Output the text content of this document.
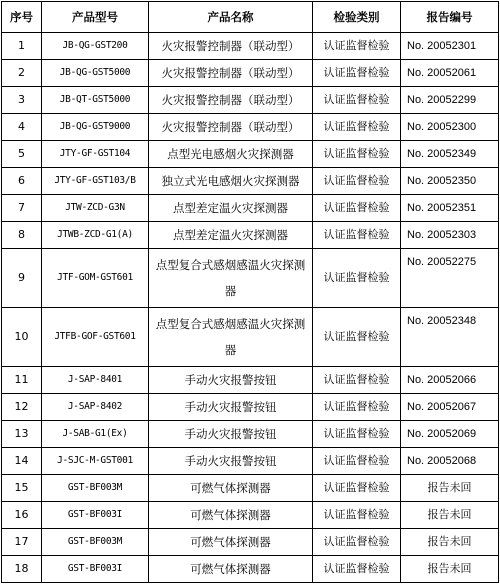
序号	产品型号	产品名称	检验类别	报告编号
1	JB-QG-GST200	火灾报警控制器（联动型）	认证监督检验	No. 20052301
2	JB-QG-GST5000	火灾报警控制器（联动型）	认证监督检验	No. 20052061
3	JB-QT-GST5000	火灾报警控制器（联动型）	认证监督检验	No. 20052299
4	JB-QG-GST9000	火灾报警控制器（联动型）	认证监督检验	No. 20052300
5	JTY-GF-GST104	点型光电感烟火灾探测器	认证监督检验	No. 20052349
6	JTY-GF-GST103/B	独立式光电感烟火灾探测器	认证监督检验	No. 20052350
7	JTW-ZCD-G3N	点型差定温火灾探测器	认证监督检验	No. 20052351
8	JTWB-ZCD-G1(A)	点型差定温火灾探测器	认证监督检验	No. 20052303
9	JTF-GOM-GST601	点型复合式感烟感温火灾探测器	认证监督检验	No. 20052275
10	JTFB-GOF-GST601	点型复合式感烟感温火灾探测器	认证监督检验	No. 20052348
11	J-SAP-8401	手动火灾报警按钮	认证监督检验	No. 20052066
12	J-SAP-8402	手动火灾报警按钮	认证监督检验	No. 20052067
13	J-SAB-G1(Ex)	手动火灾报警按钮	认证监督检验	No. 20052069
14	J-SJC-M-GST001	手动火灾报警按钮	认证监督检验	No. 20052068
15	GST-BF003M	可燃气体探测器	认证监督检验	报告未回
16	GST-BF003I	可燃气体探测器	认证监督检验	报告未回
17	GST-BF003M	可燃气体探测器	认证监督检验	报告未回
18	GST-BF003I	可燃气体探测器	认证监督检验	报告未回
